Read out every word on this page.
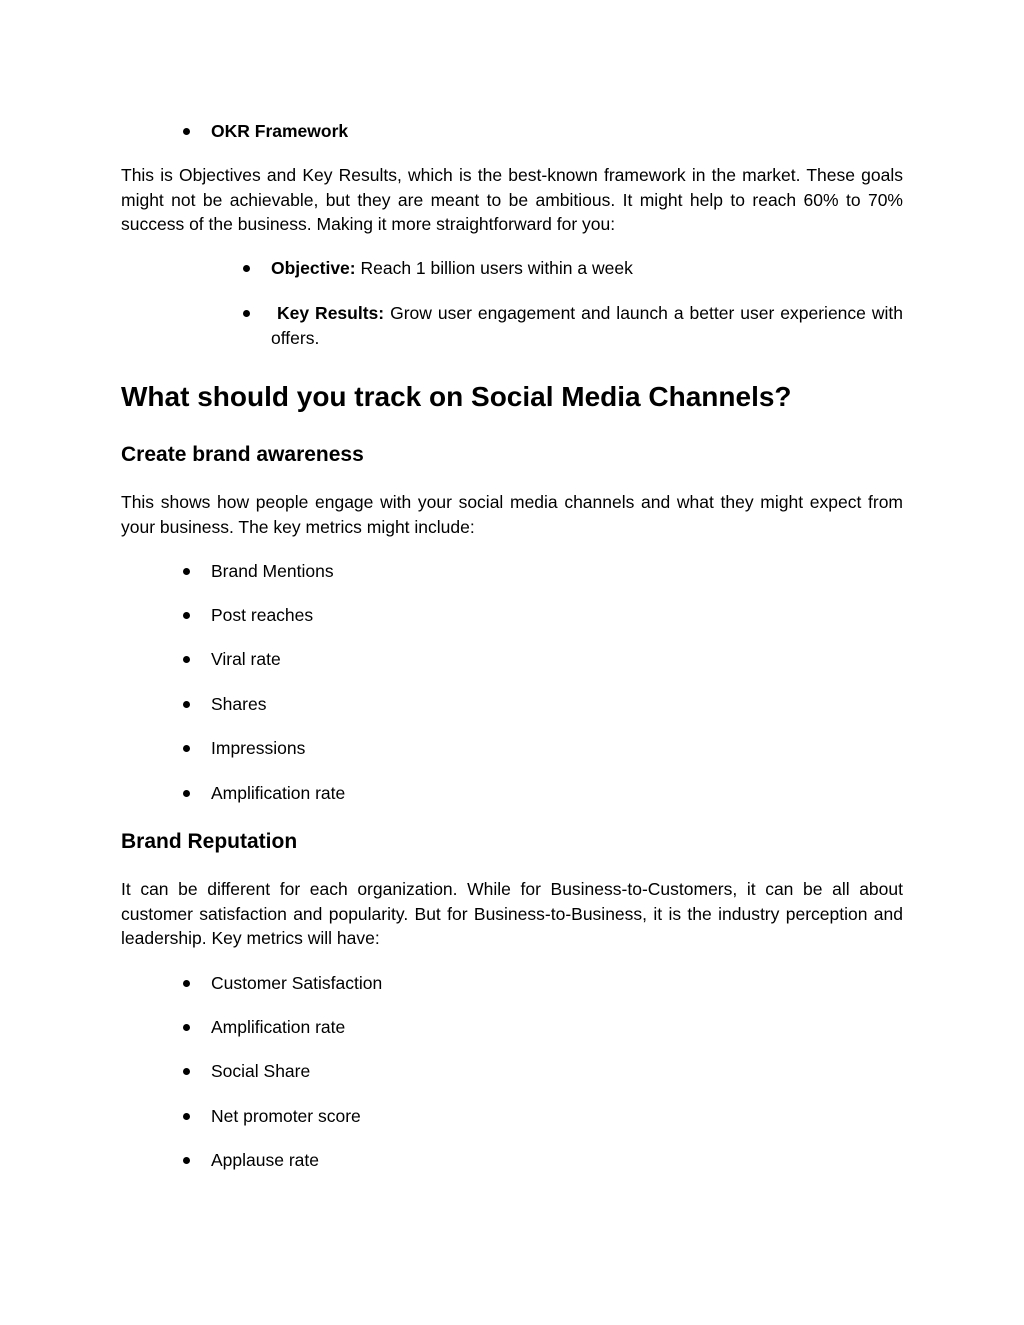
OKR Framework

This is Objectives and Key Results, which is the best-known framework in the market. These goals might not be achievable, but they are meant to be ambitious. It might help to reach 60% to 70% success of the business. Making it more straightforward for you:

Objective: Reach 1 billion users within a week
Key Results: Grow user engagement and launch a better user experience with offers.
What should you track on Social Media Channels?
Create brand awareness

This shows how people engage with your social media channels and what they might expect from your business. The key metrics might include:

Brand Mentions
Post reaches
Viral rate
Shares
Impressions
Amplification rate
Brand Reputation

It can be different for each organization. While for Business-to-Customers, it can be all about customer satisfaction and popularity. But for Business-to-Business, it is the industry perception and leadership. Key metrics will have:

Customer Satisfaction
Amplification rate
Social Share
Net promoter score
Applause rate
